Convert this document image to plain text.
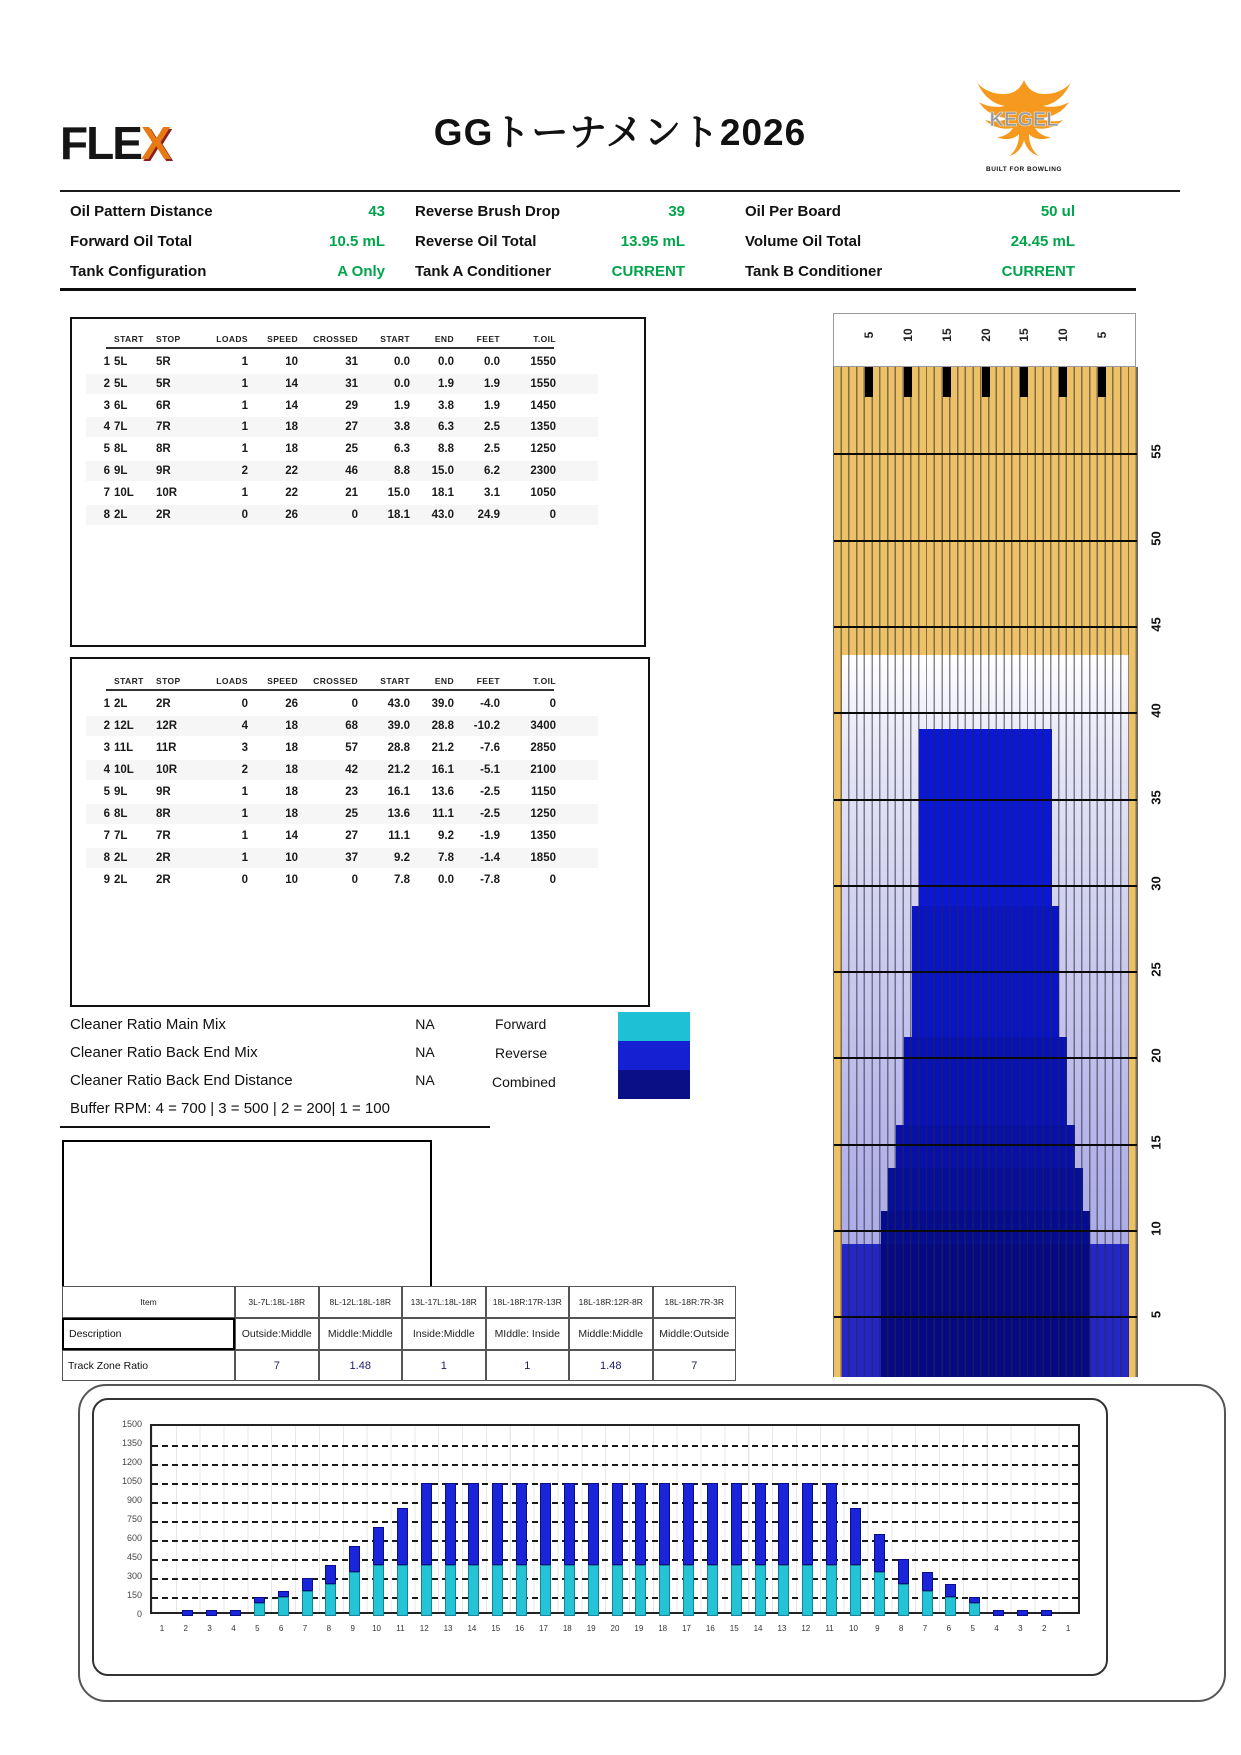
FLEX	GGトーナメント2026	KEGEL
BUILT FOR BOWLING
Oil Pattern Distance	43 Reverse Brush Drop	39	Oil Per Board	50 ul
Forward Oil Total	10.5 mL Reverse Oil Total	13.95 mL	Volume Oil Total	24.45 mL
Tank Configuration	A Only Tank A Conditioner	CURRENT	Tank B Conditioner	CURRENT
START	STOP	LOADS	SPEED	CROSSED	START	END	FEET	T.OIL
1 5L	5R	1	10	31	0.0	0.0	0.0	1550
2 5L	5R	1	14	31	0.0	1.9	1.9	1550
3 6L	6R	1	14	29	1.9	3.8	1.9	1450
4 7L	7R	1	18	27	3.8	6.3	2.5	1350
5 8L	8R	1	18	25	6.3	8.8	2.5	1250
6 9L	9R	2	22	46	8.8	15.0	6.2	2300
7 10L	10R	1	22	21	15.0	18.1	3.1	1050
8 2L	2R	0	26	0	18.1	43.0	24.9	0
START	STOP	LOADS	SPEED	CROSSED	START	END	FEET	T.OIL
1 2L	2R	0	26	0	43.0	39.0	-4.0	0
2 12L	12R	4	18	68	39.0	28.8	-10.2	3400
3 11L	11R	3	18	57	28.8	21.2	-7.6	2850
4 10L	10R	2	18	42	21.2	16.1	-5.1	2100
5 9L	9R	1	18	23	16.1	13.6	-2.5	1150
6 8L	8R	1	18	25	13.6	11.1	-2.5	1250
7 7L	7R	1	14	27	11.1	9.2	-1.9	1350
8 2L	2R	1	10	37	9.2	7.8	-1.4	1850
9 2L	2R	0	10	0	7.8	0.0	-7.8	0
Cleaner Ratio Main Mix	NA
Cleaner Ratio Back End Mix	NA
Cleaner Ratio Back End Distance	NA
Buffer RPM: 4 = 700 | 3 = 500 | 2 = 200| 1 = 100
Forward
Reverse
Combined
Item	3L-7L:18L-18R	8L-12L:18L-18R	13L-17L:18L-18R	18L-18R:17R-13R	18L-18R:12R-8R	18L-18R:7R-3R
Description	Outside:Middle	Middle:Middle	Inside:Middle	MIddle: Inside	Middle:Middle	Middle:Outside
Track Zone Ratio	7	1.48	1	1	1.48	7
5 10 15 20 15 10 5
55
50
45
40
35
30
25
20
15
10
5
0
150
300
450
600
750
900
1050
1200
1350
1500
1	2	3	4	5	6	7	8	9	10	11	12	13	14	15	16	17	18	19	20	19	18	17	16	15	14	13	12	11	10	9	8	7	6	5	4	3	2	1
